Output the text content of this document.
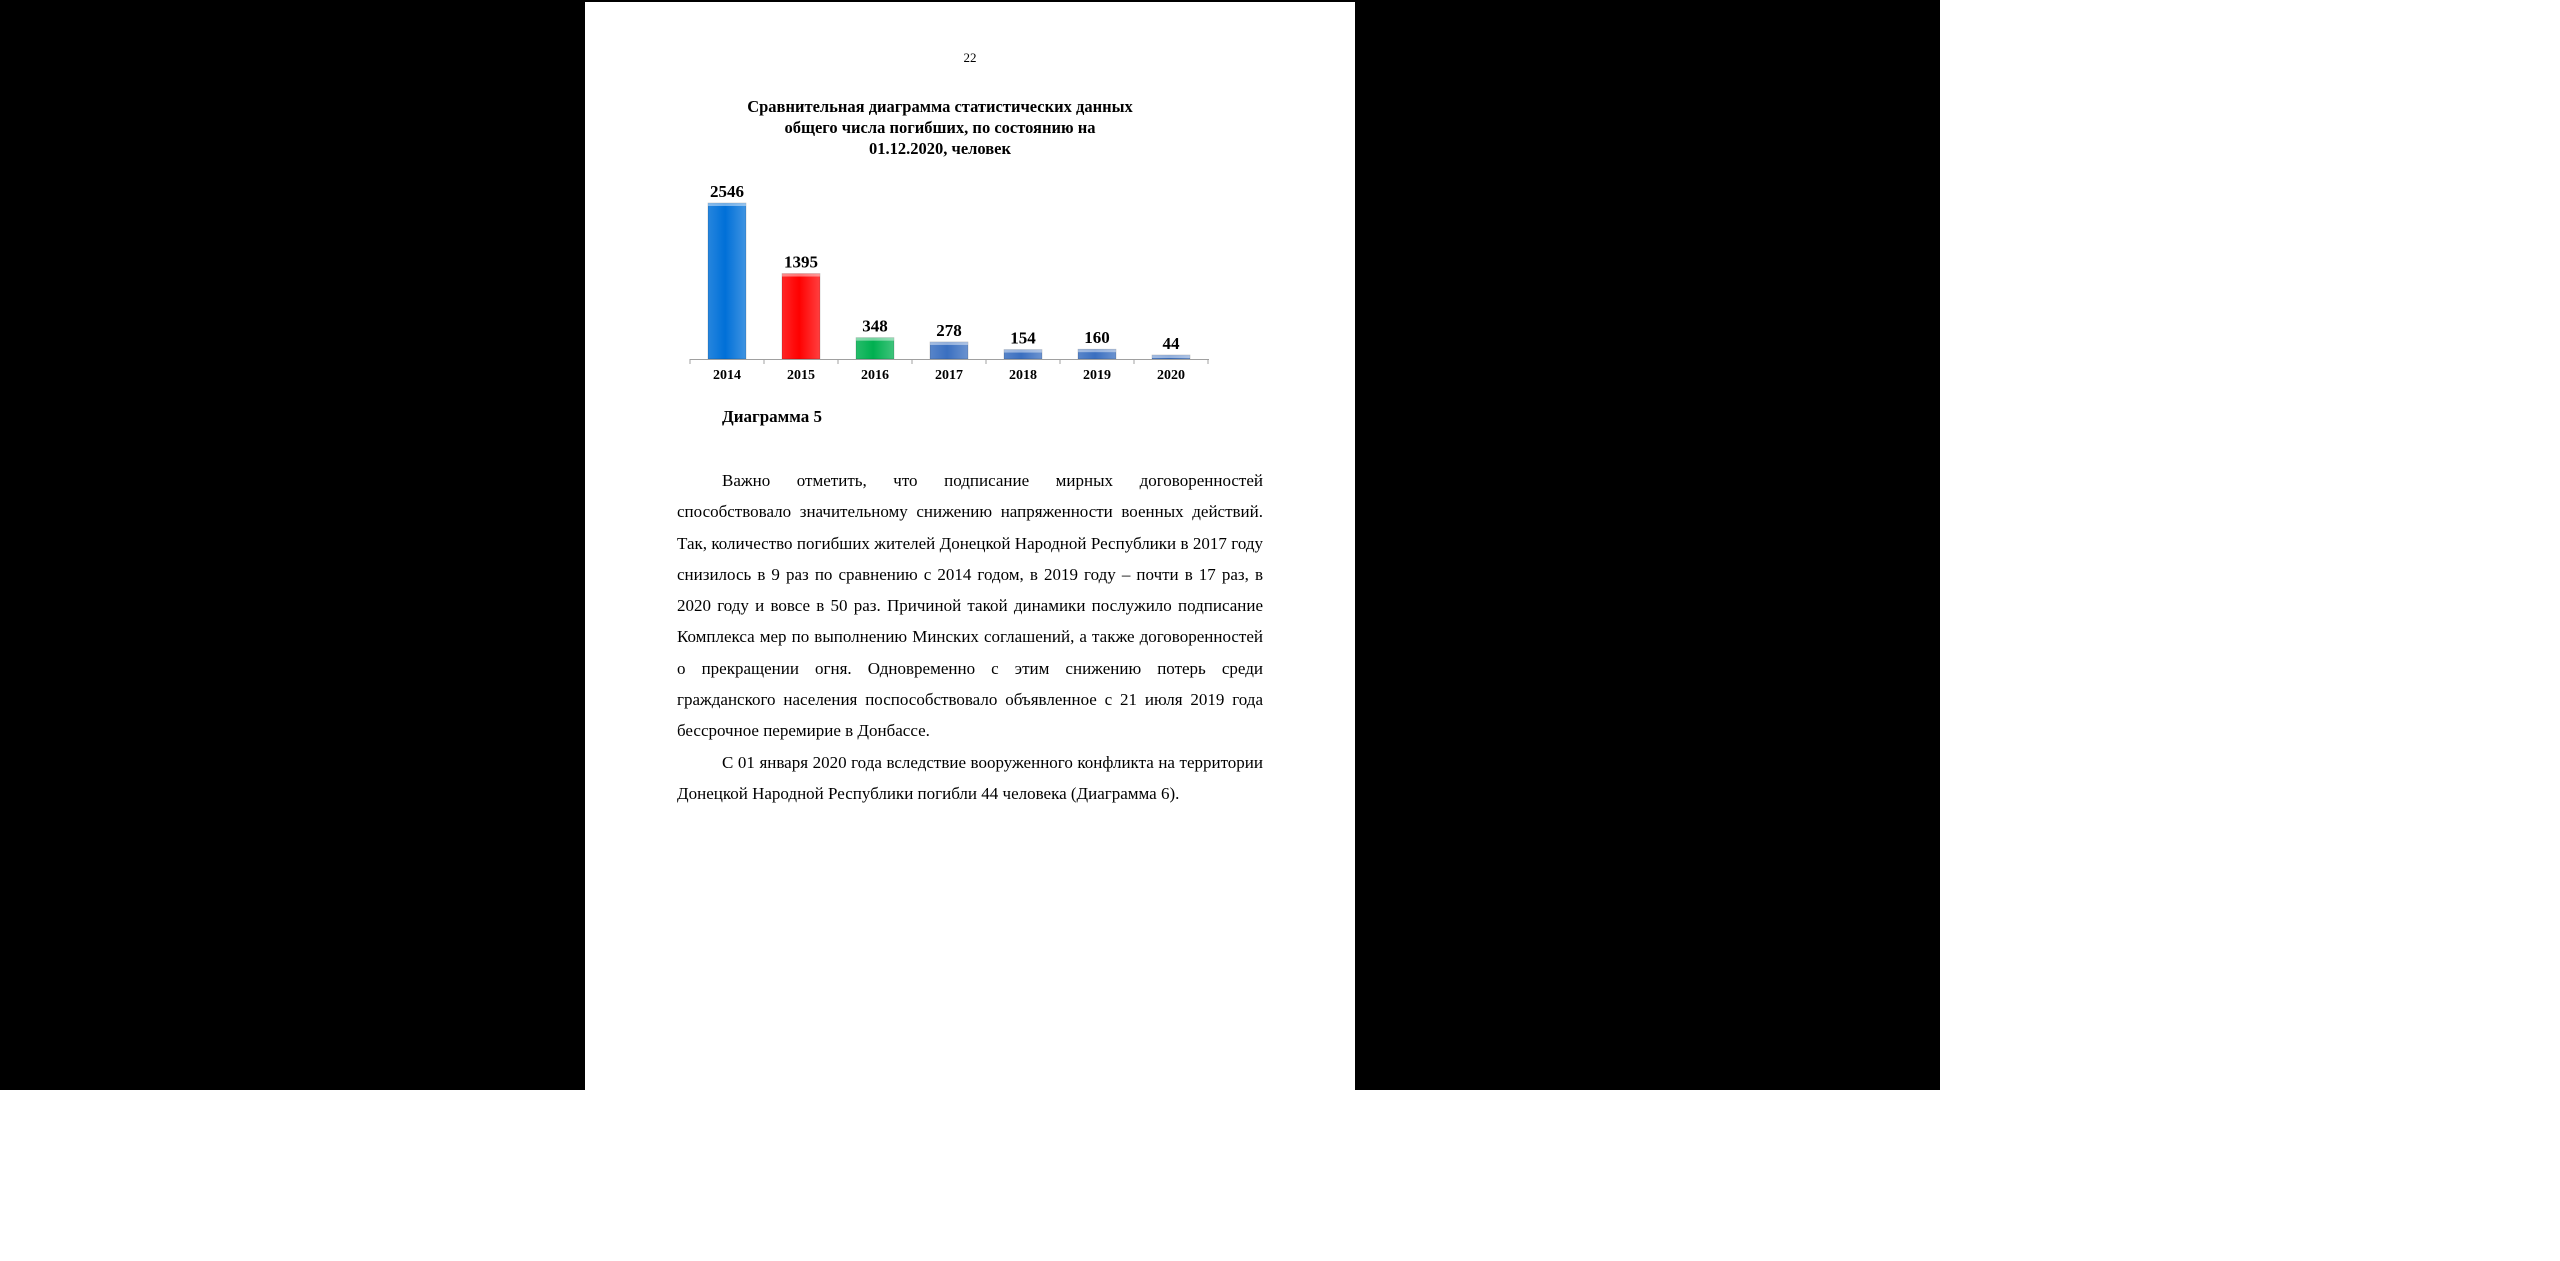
22
Сравнительная диаграмма статистических данных
общего числа погибших, по состоянию на
01.12.2020, человек
2546
1395
348	278	154	160	44
2014	2015	2016	2017	2018	2019	2020
Диаграмма 5

Важно отметить, что подписание мирных договоренностей способствовало значительному снижению напряженности военных действий. Так, количество погибших жителей Донецкой Народной Республики в 2017 году снизилось в 9 раз по сравнению с 2014 годом, в 2019 году – почти в 17 раз, в 2020 году и вовсе в 50 раз. Причиной такой динамики послужило подписание Комплекса мер по выполнению Минских соглашений, а также договоренностей о прекращении огня. Одновременно с этим снижению потерь среди гражданского населения поспособствовало объявленное с 21 июля 2019 года бессрочное перемирие в Донбассе.

С 01 января 2020 года вследствие вооруженного конфликта на территории Донецкой Народной Республики погибли 44 человека (Диаграмма 6).
